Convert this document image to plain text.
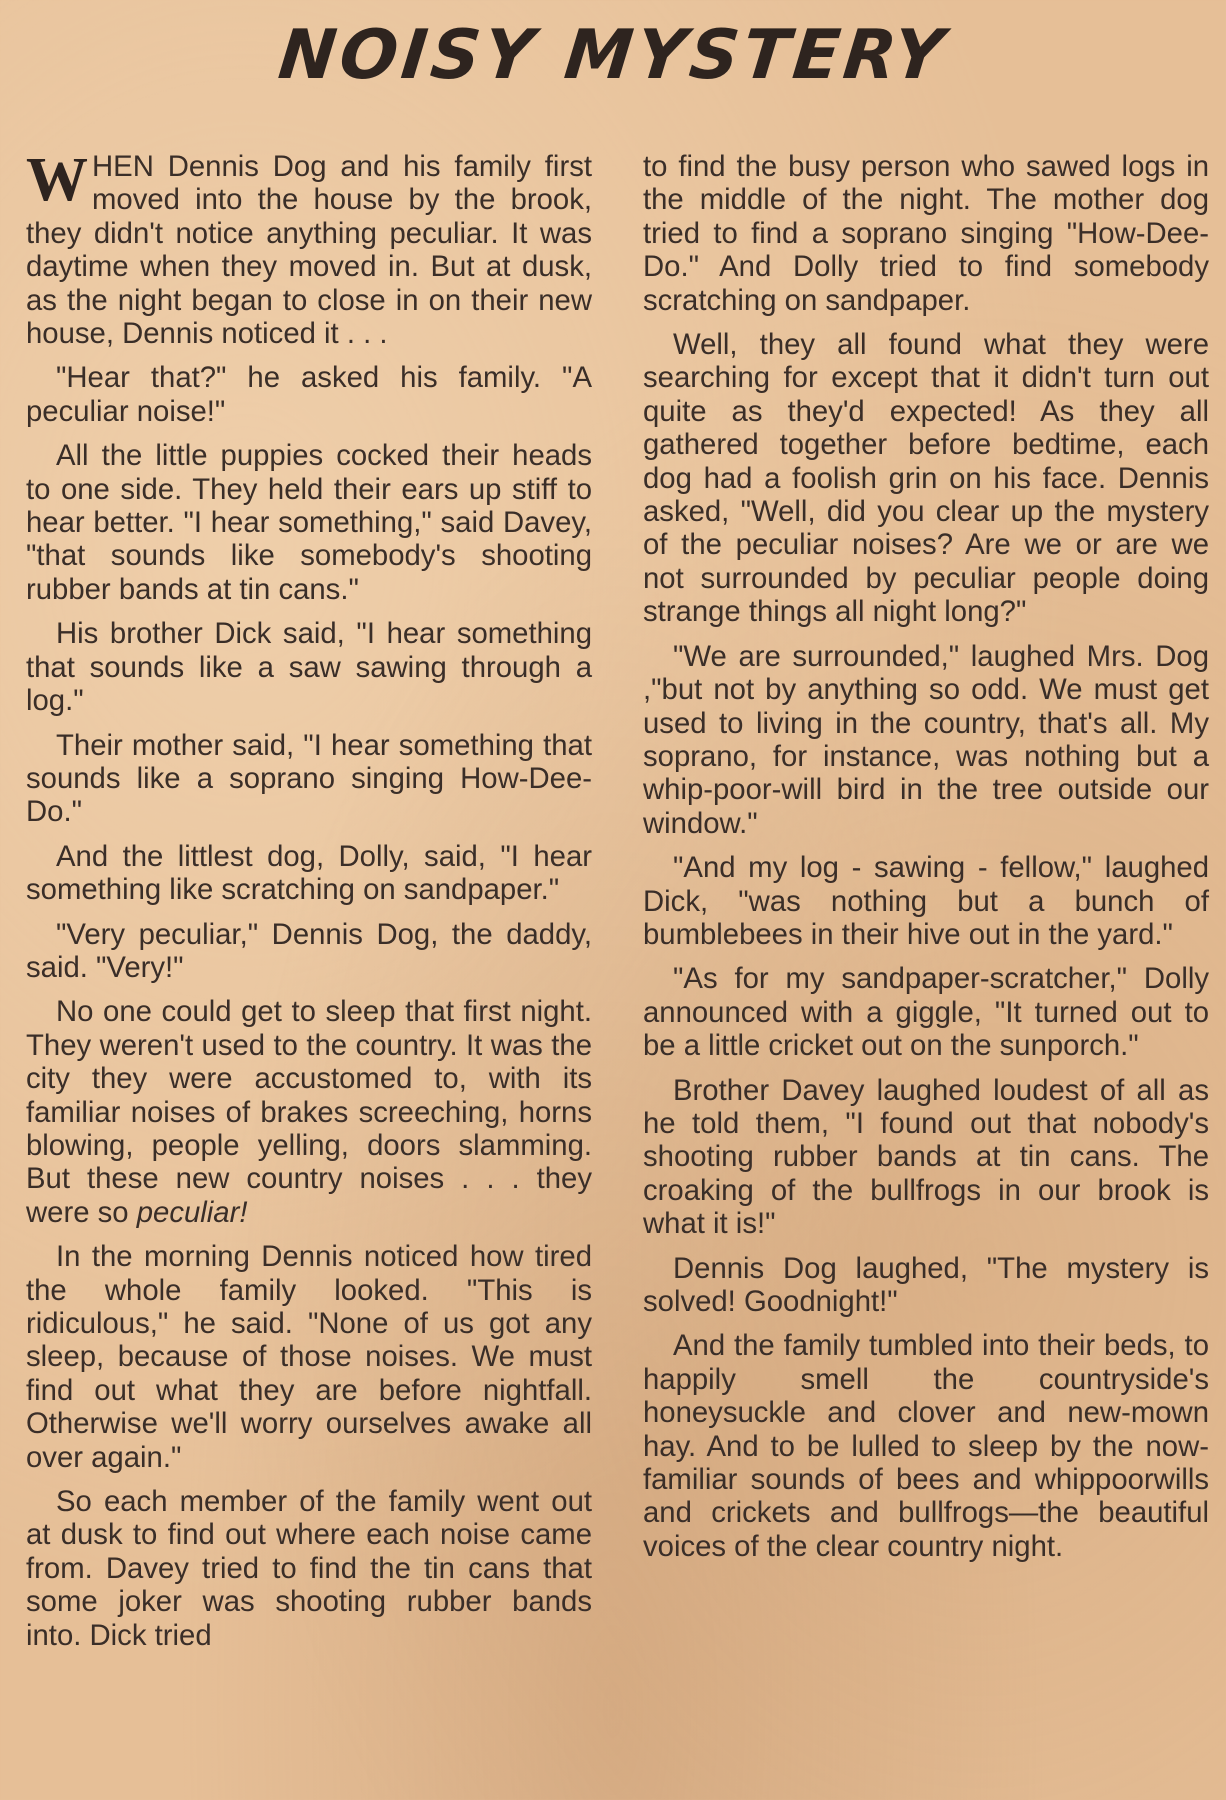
NOISY MYSTERY

WHEN Dennis Dog and his family first moved into the house by the brook, they didn't notice anything peculiar. It was daytime when they moved in. But at dusk, as the night began to close in on their new house, Dennis noticed it . . .

"Hear that?" he asked his family. "A peculiar noise!"

All the little puppies cocked their heads to one side. They held their ears up stiff to hear better. "I hear something," said Davey, "that sounds like somebody's shooting rubber bands at tin cans."

His brother Dick said, "I hear something that sounds like a saw sawing through a log."

Their mother said, "I hear something that sounds like a soprano singing How-Dee-Do."

And the littlest dog, Dolly, said, "I hear something like scratching on sandpaper."

"Very peculiar," Dennis Dog, the daddy, said. "Very!"

No one could get to sleep that first night. They weren't used to the country. It was the city they were accustomed to, with its familiar noises of brakes screeching, horns blowing, people yelling, doors slamming. But these new country noises . . . they were so peculiar!

In the morning Dennis noticed how tired the whole family looked. "This is ridiculous," he said. "None of us got any sleep, because of those noises. We must find out what they are before nightfall. Otherwise we'll worry ourselves awake all over again."

So each member of the family went out at dusk to find out where each noise came from. Davey tried to find the tin cans that some joker was shooting rubber bands into. Dick tried

to find the busy person who sawed logs in the middle of the night. The mother dog tried to find a soprano singing "How-Dee-Do." And Dolly tried to find somebody scratching on sandpaper.

Well, they all found what they were searching for except that it didn't turn out quite as they'd expected! As they all gathered together before bedtime, each dog had a foolish grin on his face. Dennis asked, "Well, did you clear up the mystery of the peculiar noises? Are we or are we not surrounded by peculiar people doing strange things all night long?"

"We are surrounded," laughed Mrs. Dog ,"but not by anything so odd. We must get used to living in the country, that's all. My soprano, for instance, was nothing but a whip-poor-will bird in the tree outside our window."

"And my log - sawing - fellow," laughed Dick, "was nothing but a bunch of bumblebees in their hive out in the yard."

"As for my sandpaper-scratcher," Dolly announced with a giggle, "It turned out to be a little cricket out on the sunporch."

Brother Davey laughed loudest of all as he told them, "I found out that nobody's shooting rubber bands at tin cans. The croaking of the bullfrogs in our brook is what it is!"

Dennis Dog laughed, "The mystery is solved! Goodnight!"

And the family tumbled into their beds, to happily smell the countryside's honeysuckle and clover and new-mown hay. And to be lulled to sleep by the now-familiar sounds of bees and whippoorwills and crickets and bullfrogs—the beautiful voices of the clear country night.
